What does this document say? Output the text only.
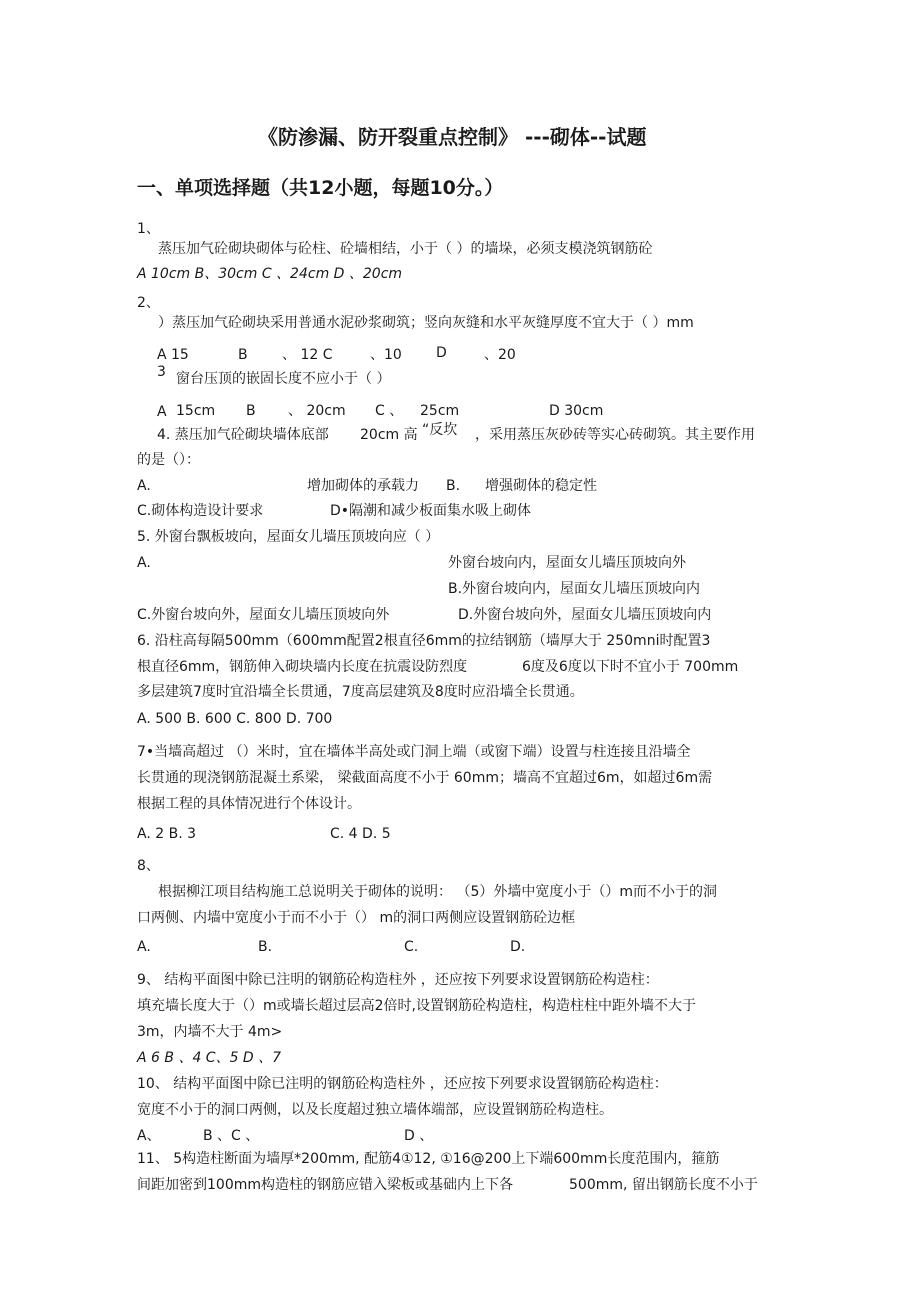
《防渗漏、防开裂重点控制》 ---砌体--试题
一、单项选择题（共12小题，每题10分。）
1、
蒸压加气砼砌块砌体与砼柱、砼墙相结，小于（ ）的墙垛，必须支模浇筑钢筋砼
A 10cm B、30cm C 、24cm D 、20cm
2、
）蒸压加气砼砌块采用普通水泥砂浆砌筑；竖向灰缝和水平灰缝厚度不宜大于（ ）mm
A 15	B 、 12 C	、10 D	、20
3 窗台压顶的嵌固长度不应小于（ ）
A 15cm B 、 20cm C 、 25cm	D 30cm
4. 蒸压加气砼砌块墙体底部 20cm 高 “反坎 ，采用蒸压灰砂砖等实心砖砌筑。其主要作用
的是（）：
A.	增加砌体的承载力 B. 增强砌体的稳定性
C.砌体构造设计要求	D•隔潮和减少板面集水吸上砌体
5. 外窗台飘板坡向，屋面女儿墙压顶坡向应（ ）
A.	外窗台坡向内，屋面女儿墙压顶坡向外
B.外窗台坡向内，屋面女儿墙压顶坡向内
C.外窗台坡向外，屋面女儿墙压顶坡向外	D.外窗台坡向外，屋面女儿墙压顶坡向内
6. 沿柱高每隔500mm（600mm配置2根直径6mm的拉结钢筋（墙厚大于 250mni时配置3
根直径6mm，钢筋伸入砌块墙内长度在抗震设防烈度	6度及6度以下时不宜小于 700mm
多层建筑7度时宜沿墙全长贯通，7度高层建筑及8度时应沿墙全长贯通。
A. 500 B. 600 C. 800 D. 700
7•当墙高超过 （）米时，宜在墙体半高处或门洞上端（或窗下端）设置与柱连接且沿墙全
长贯通的现浇钢筋混凝土系梁， 梁截面高度不小于 60mm；墙高不宜超过6m，如超过6m需
根据工程的具体情况进行个体设计。
A. 2 B. 3	C. 4 D. 5
8、
根据柳江项目结构施工总说明关于砌体的说明： （5）外墙中宽度小于（）m而不小于的洞
口两侧、内墙中宽度小于而不小于（） m的洞口两侧应设置钢筋砼边框
A.	B.	C.	D.
9、 结构平面图中除已注明的钢筋砼构造柱外 ，还应按下列要求设置钢筋砼构造柱：
填充墙长度大于（）m或墙长超过层高2倍时,设置钢筋砼构造柱，构造柱柱中距外墙不大于
3m，内墙不大于 4m>
A 6 B 、4 C、5 D 、7
10、 结构平面图中除已注明的钢筋砼构造柱外 ，还应按下列要求设置钢筋砼构造柱：
宽度不小于的洞口两侧，以及长度超过独立墙体端部，应设置钢筋砼构造柱。
A、	B 、C 、	D 、
11、 5构造柱断面为墙厚*200mm, 配筋4①12, ①16@200上下端600mm长度范围内，箍筋
间距加密到100mm构造柱的钢筋应错入梁板或基础内上下各	500mm, 留出钢筋长度不小于
